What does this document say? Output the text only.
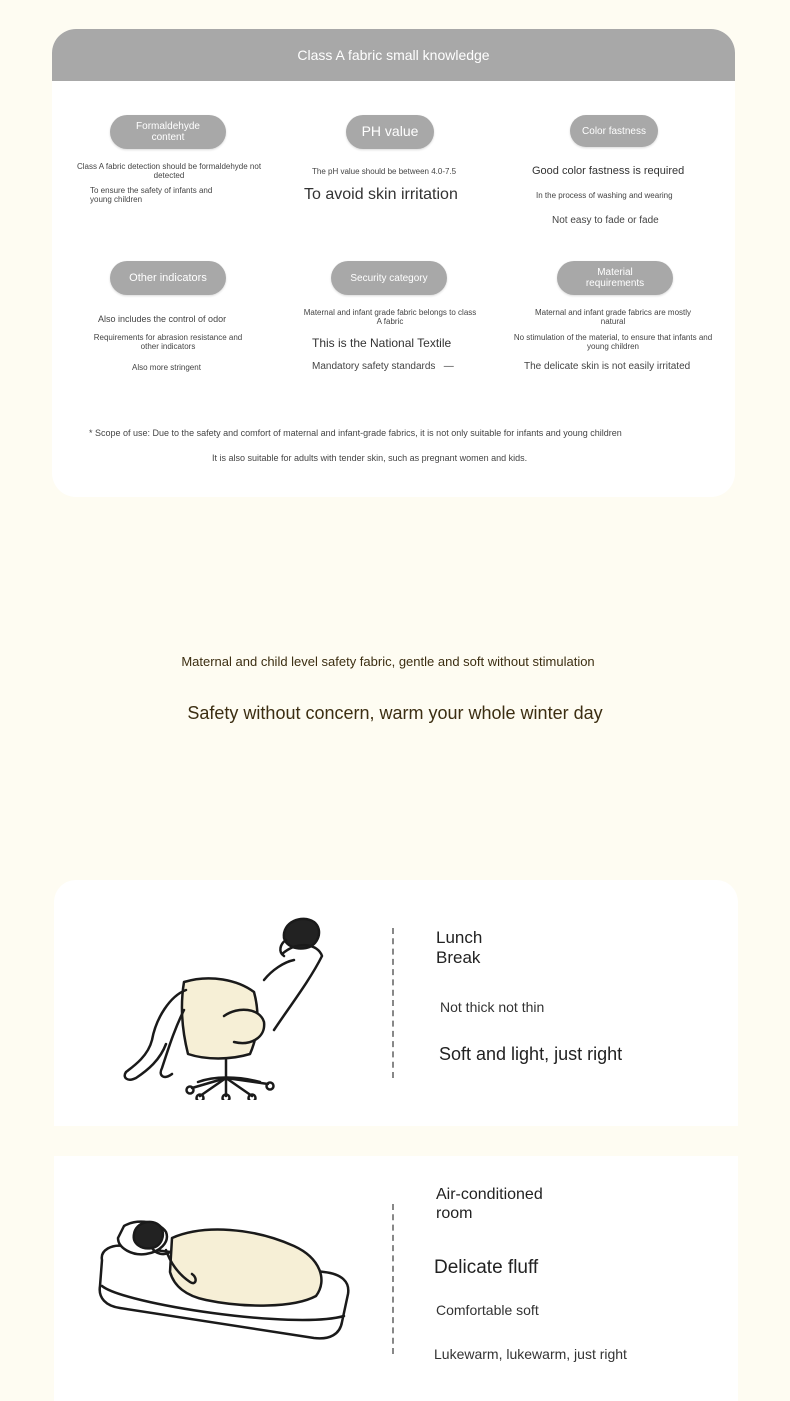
Class A fabric small knowledge
Formaldehyde content
Class A fabric detection should be formaldehyde not detected
To ensure the safety of infants and young children
PH value
The pH value should be between 4.0-7.5
To avoid skin irritation
Color fastness
Good color fastness is required
In the process of washing and wearing
Not easy to fade or fade
Other indicators
Also includes the control of odor
Requirements for abrasion resistance and other indicators
Also more stringent
Security category
Maternal and infant grade fabric belongs to class A fabric
This is the National Textile
Mandatory safety standards   —
Material requirements
Maternal and infant grade fabrics are mostly natural
No stimulation of the material, to ensure that infants and young children
The delicate skin is not easily irritated
* Scope of use: Due to the safety and comfort of maternal and infant-grade fabrics, it is not only suitable for infants and young children
It is also suitable for adults with tender skin, such as pregnant women and kids.
Maternal and child level safety fabric, gentle and soft without stimulation
Safety without concern, warm your whole winter day
Lunch
Break
Not thick not thin
Soft and light, just right
Air-conditioned
room
Delicate fluff
Comfortable soft
Lukewarm, lukewarm, just right
